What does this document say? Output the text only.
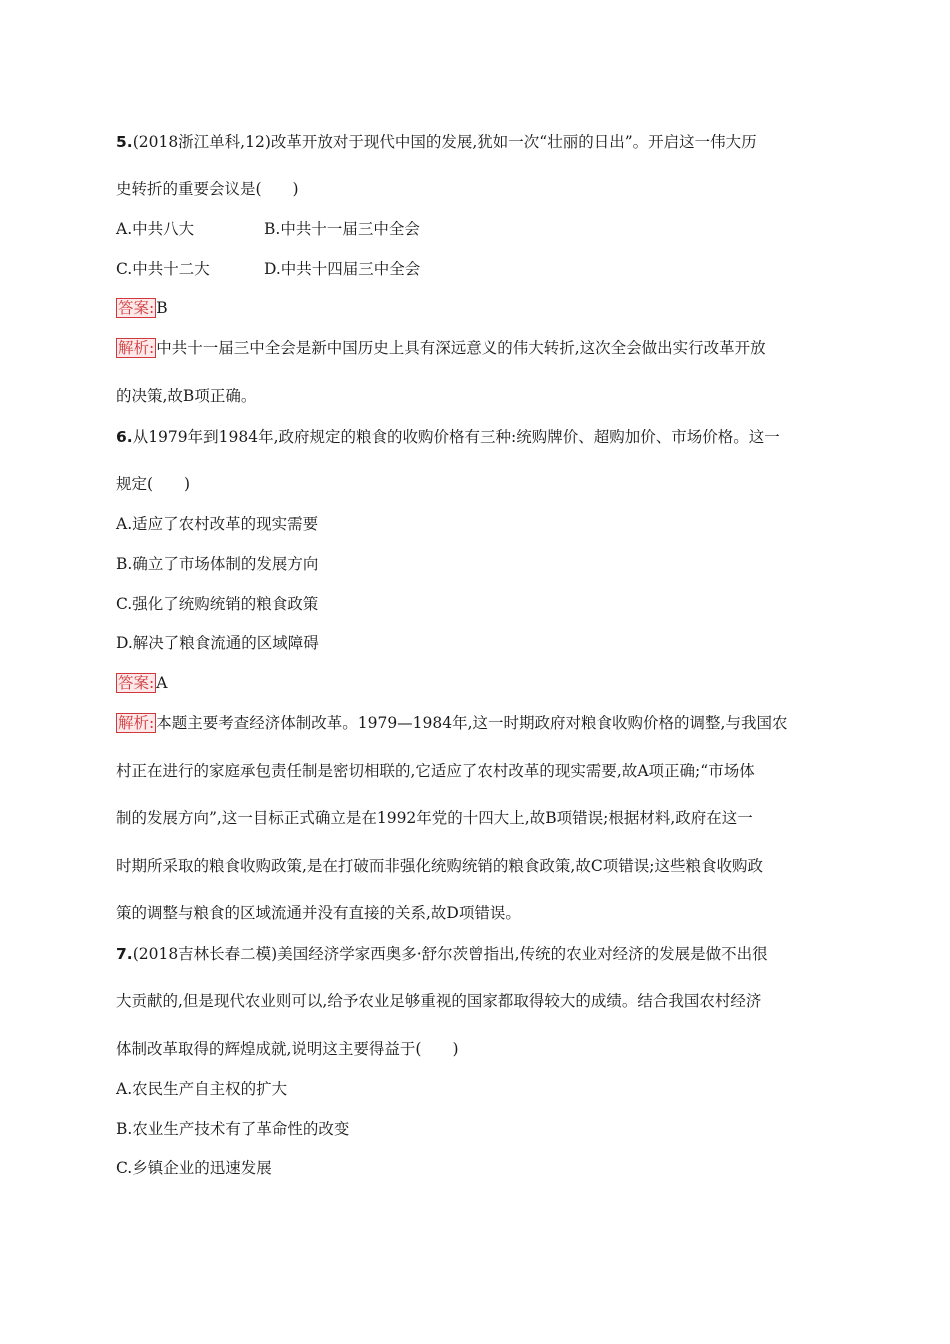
5.(2018浙江单科,12)改革开放对于现代中国的发展,犹如一次“壮丽的日出”。开启这一伟大历
史转折的重要会议是(　　)
A.中共八大	B.中共十一届三中全会
C.中共十二大	D.中共十四届三中全会
答案: B
解析: 中共十一届三中全会是新中国历史上具有深远意义的伟大转折,这次全会做出实行改革开放
的决策,故B项正确。
6.从1979年到1984年,政府规定的粮食的收购价格有三种:统购牌价、超购加价、市场价格。这一
规定(　　)
A.适应了农村改革的现实需要
B.确立了市场体制的发展方向
C.强化了统购统销的粮食政策
D.解决了粮食流通的区域障碍
答案: A
解析: 本题主要考查经济体制改革。1979—1984年,这一时期政府对粮食收购价格的调整,与我国农
村正在进行的家庭承包责任制是密切相联的,它适应了农村改革的现实需要,故A项正确;“市场体
制的发展方向”,这一目标正式确立是在1992年党的十四大上,故B项错误;根据材料,政府在这一
时期所采取的粮食收购政策,是在打破而非强化统购统销的粮食政策,故C项错误;这些粮食收购政
策的调整与粮食的区域流通并没有直接的关系,故D项错误。
7.(2018吉林长春二模)美国经济学家西奥多·舒尔茨曾指出,传统的农业对经济的发展是做不出很
大贡献的,但是现代农业则可以,给予农业足够重视的国家都取得较大的成绩。结合我国农村经济
体制改革取得的辉煌成就,说明这主要得益于(　　)
A.农民生产自主权的扩大
B.农业生产技术有了革命性的改变
C.乡镇企业的迅速发展
